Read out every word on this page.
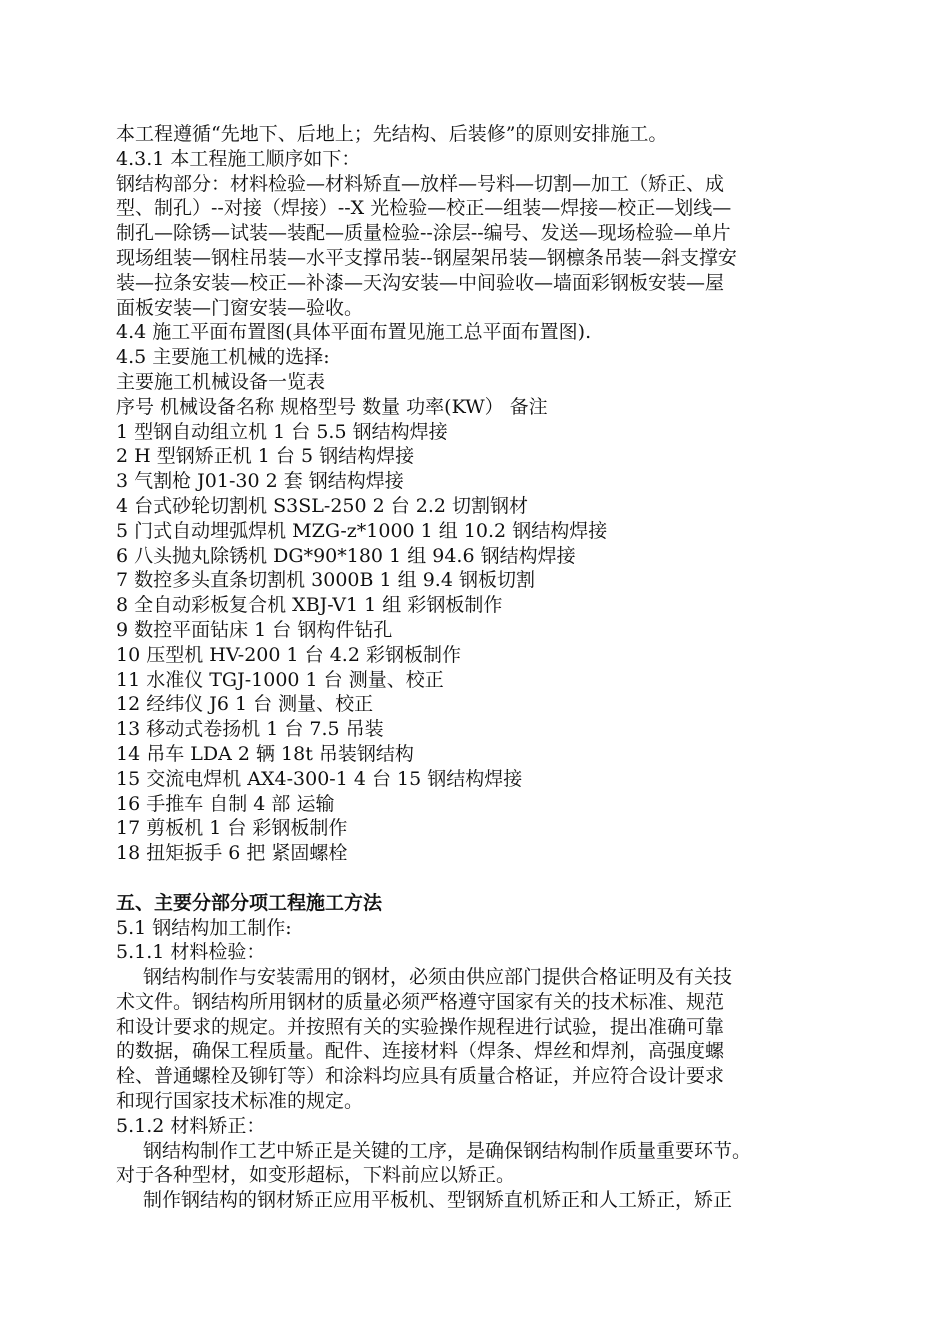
本工程遵循“先地下、后地上；先结构、后装修”的原则安排施工。
4.3.1 本工程施工顺序如下：
钢结构部分：材料检验—材料矫直—放样—号料—切割—加工（矫正、成
型、制孔）--对接（焊接）--X 光检验—校正—组装—焊接—校正—划线—
制孔—除锈—试装—装配—质量检验--涂层--编号、发送—现场检验—单片
现场组装—钢柱吊装—水平支撑吊装--钢屋架吊装—钢檩条吊装—斜支撑安
装—拉条安装—校正—补漆—天沟安装—中间验收—墙面彩钢板安装—屋
面板安装—门窗安装—验收。
4.4 施工平面布置图(具体平面布置见施工总平面布置图).
4.5 主要施工机械的选择:
主要施工机械设备一览表
序号 机械设备名称 规格型号 数量 功率(KW） 备注
1 型钢自动组立机 1 台 5.5 钢结构焊接
2 H 型钢矫正机 1 台 5 钢结构焊接
3 气割枪 J01-30 2 套 钢结构焊接
4 台式砂轮切割机 S3SL-250 2 台 2.2 切割钢材
5 门式自动埋弧焊机 MZG-z*1000 1 组 10.2 钢结构焊接
6 八头抛丸除锈机 DG*90*180 1 组 94.6 钢结构焊接
7 数控多头直条切割机 3000B 1 组 9.4 钢板切割
8 全自动彩板复合机 XBJ-V1 1 组 彩钢板制作
9 数控平面钻床 1 台 钢构件钻孔
10 压型机 HV-200 1 台 4.2 彩钢板制作
11 水准仪 TGJ-1000 1 台 测量、校正
12 经纬仪 J6 1 台 测量、校正
13 移动式卷扬机 1 台 7.5 吊装
14 吊车 LDA 2 辆 18t 吊装钢结构
15 交流电焊机 AX4-300-1 4 台 15 钢结构焊接
16 手推车 自制 4 部 运输
17 剪板机 1 台 彩钢板制作
18 扭矩扳手 6 把 紧固螺栓
五、主要分部分项工程施工方法
5.1 钢结构加工制作:
5.1.1 材料检验：
钢结构制作与安装需用的钢材，必须由供应部门提供合格证明及有关技
术文件。钢结构所用钢材的质量必须严格遵守国家有关的技术标准、规范
和设计要求的规定。并按照有关的实验操作规程进行试验，提出准确可靠
的数据，确保工程质量。配件、连接材料（焊条、焊丝和焊剂，高强度螺
栓、普通螺栓及铆钉等）和涂料均应具有质量合格证，并应符合设计要求
和现行国家技术标准的规定。
5.1.2 材料矫正：
钢结构制作工艺中矫正是关键的工序，是确保钢结构制作质量重要环节。
对于各种型材，如变形超标，下料前应以矫正。
制作钢结构的钢材矫正应用平板机、型钢矫直机矫正和人工矫正，矫正
